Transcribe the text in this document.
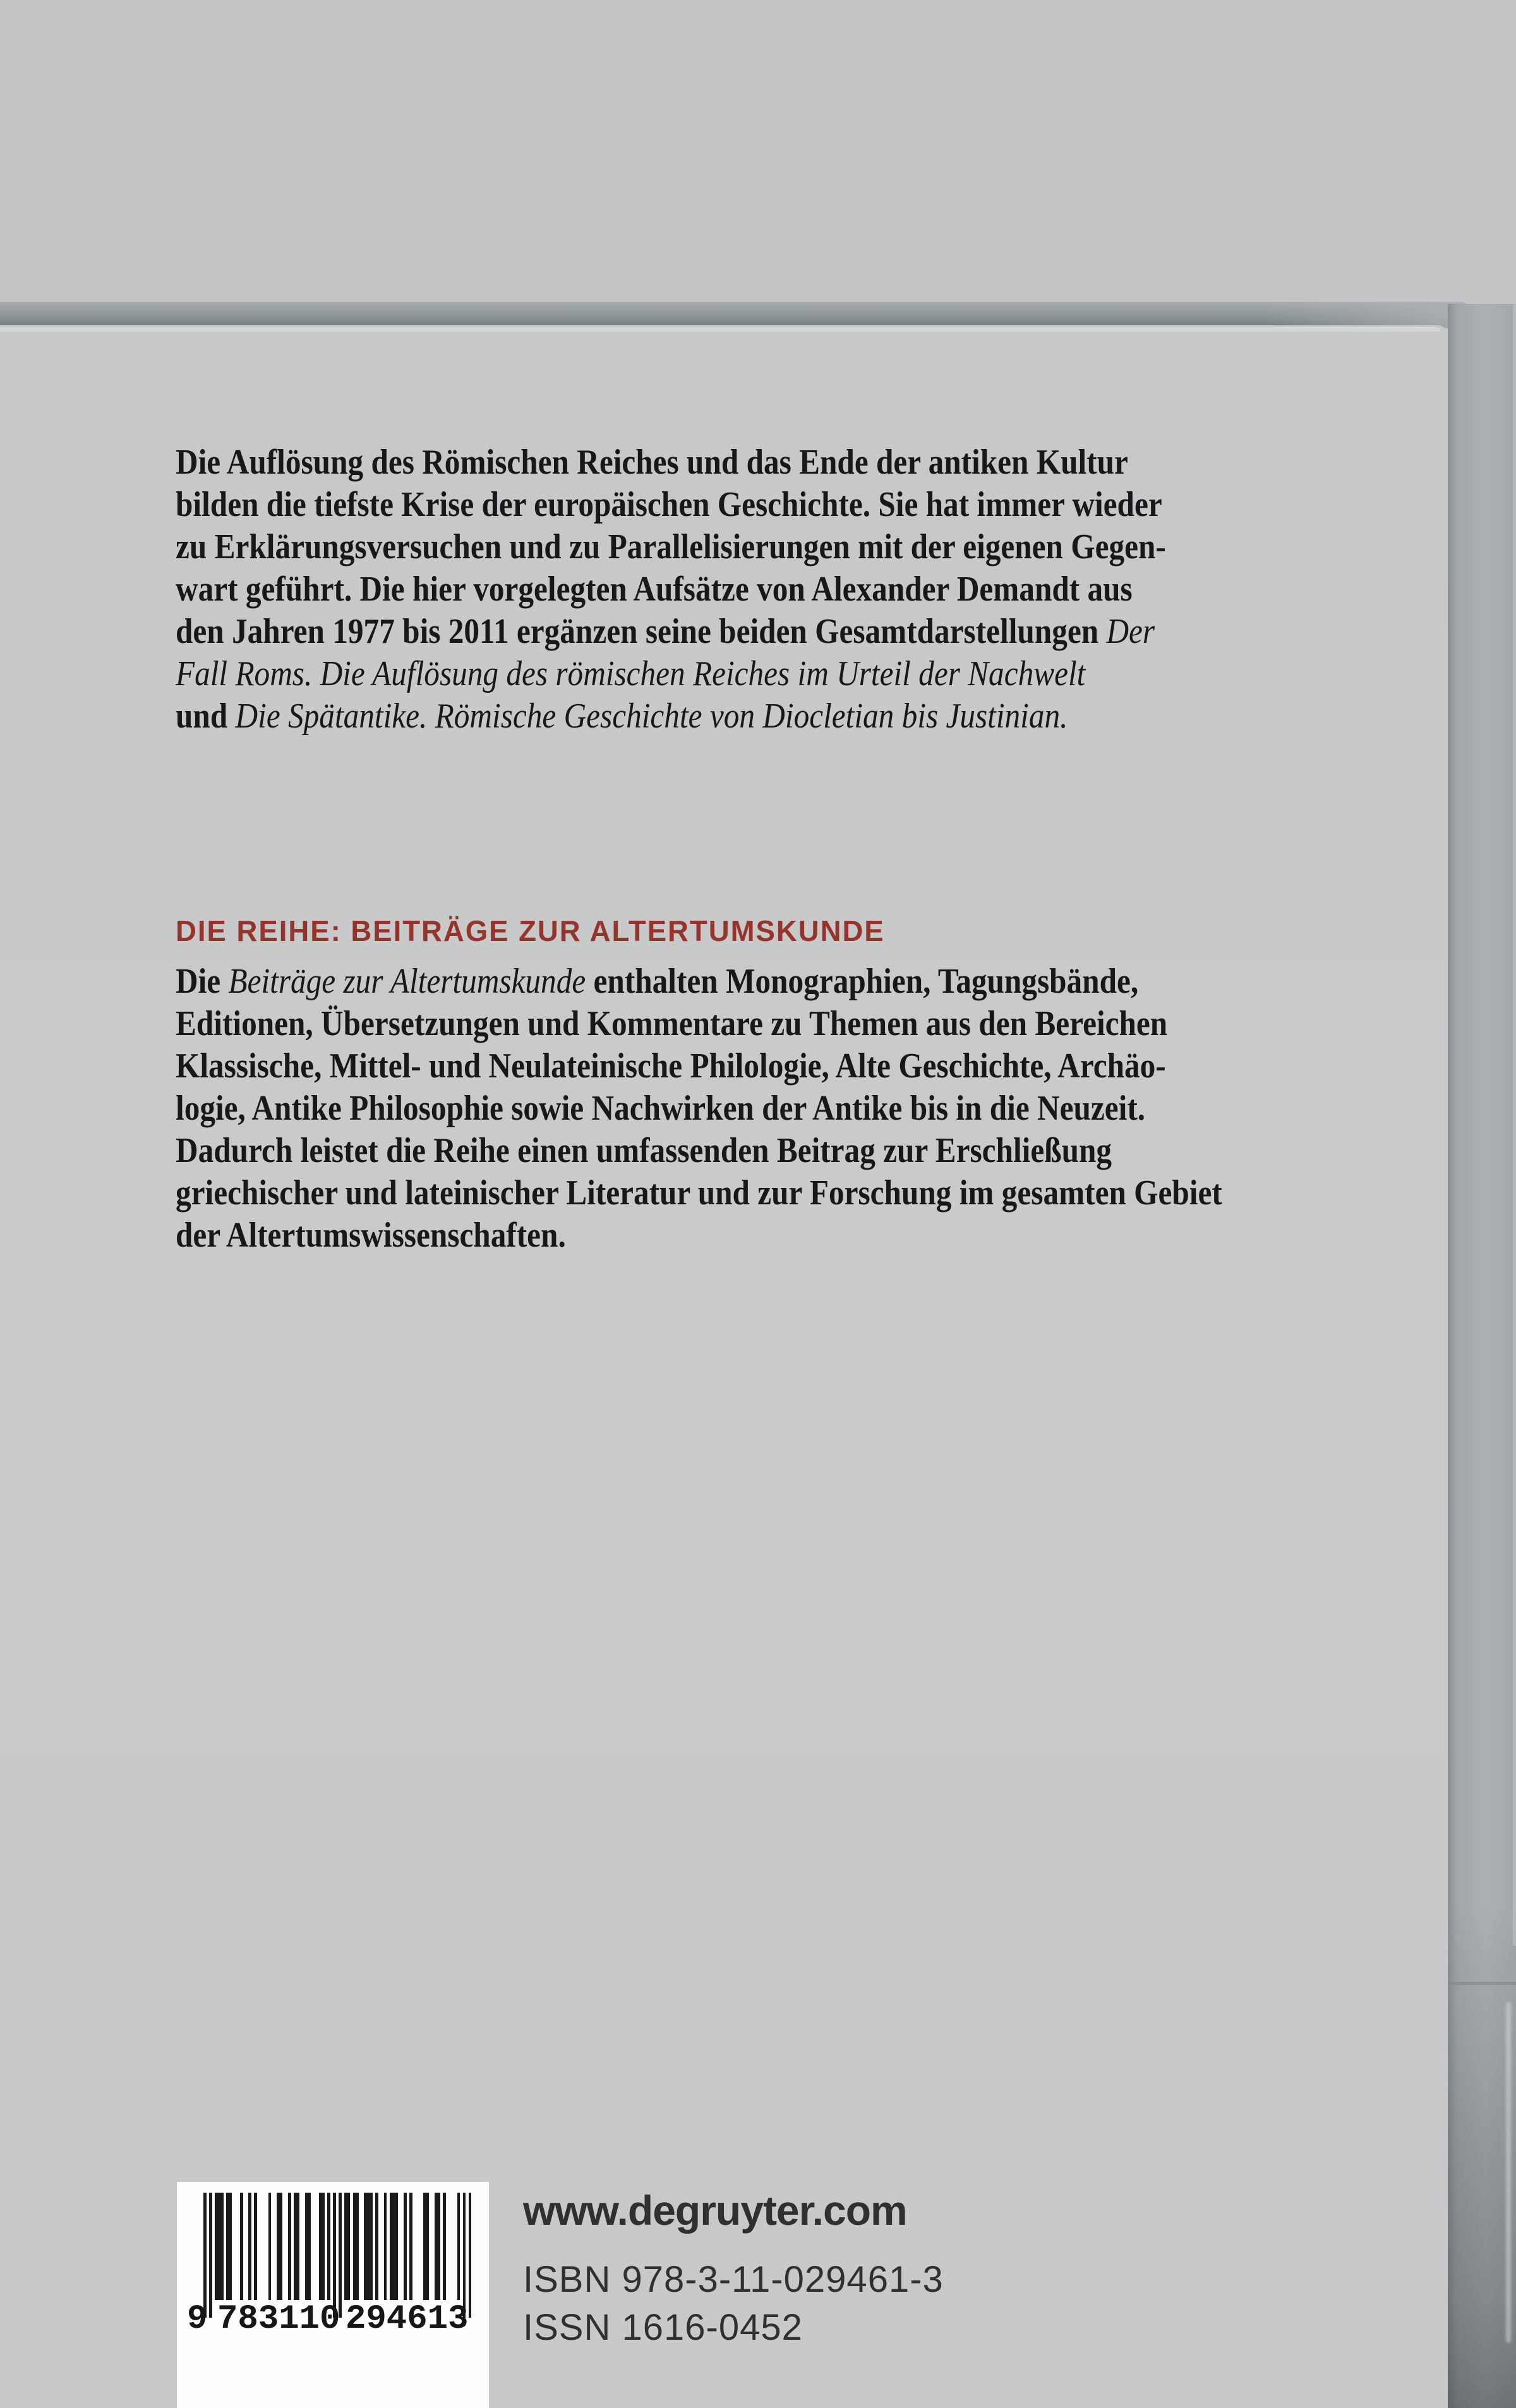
Die Auflösung des Römischen Reiches und das Ende der antiken Kultur
bilden die tiefste Krise der europäischen Geschichte. Sie hat immer wieder
zu Erklärungsversuchen und zu Parallelisierungen mit der eigenen Gegen-
wart geführt. Die hier vorgelegten Aufsätze von Alexander Demandt aus
den Jahren 1977 bis 2011 ergänzen seine beiden Gesamtdarstellungen Der
Fall Roms. Die Auflösung des römischen Reiches im Urteil der Nachwelt
und Die Spätantike. Römische Geschichte von Diocletian bis Justinian.
DIE REIHE: BEITRÄGE ZUR ALTERTUMSKUNDE
Die Beiträge zur Altertumskunde enthalten Monographien, Tagungsbände,
Editionen, Übersetzungen und Kommentare zu Themen aus den Bereichen
Klassische, Mittel- und Neulateinische Philologie, Alte Geschichte, Archäo-
logie, Antike Philosophie sowie Nachwirken der Antike bis in die Neuzeit.
Dadurch leistet die Reihe einen umfassenden Beitrag zur Erschließung
griechischer und lateinischer Literatur und zur Forschung im gesamten Gebiet
der Altertumswissenschaften.
9 783110 294613
www.degruyter.com
ISBN 978-3-11-029461-3
ISSN 1616-0452
